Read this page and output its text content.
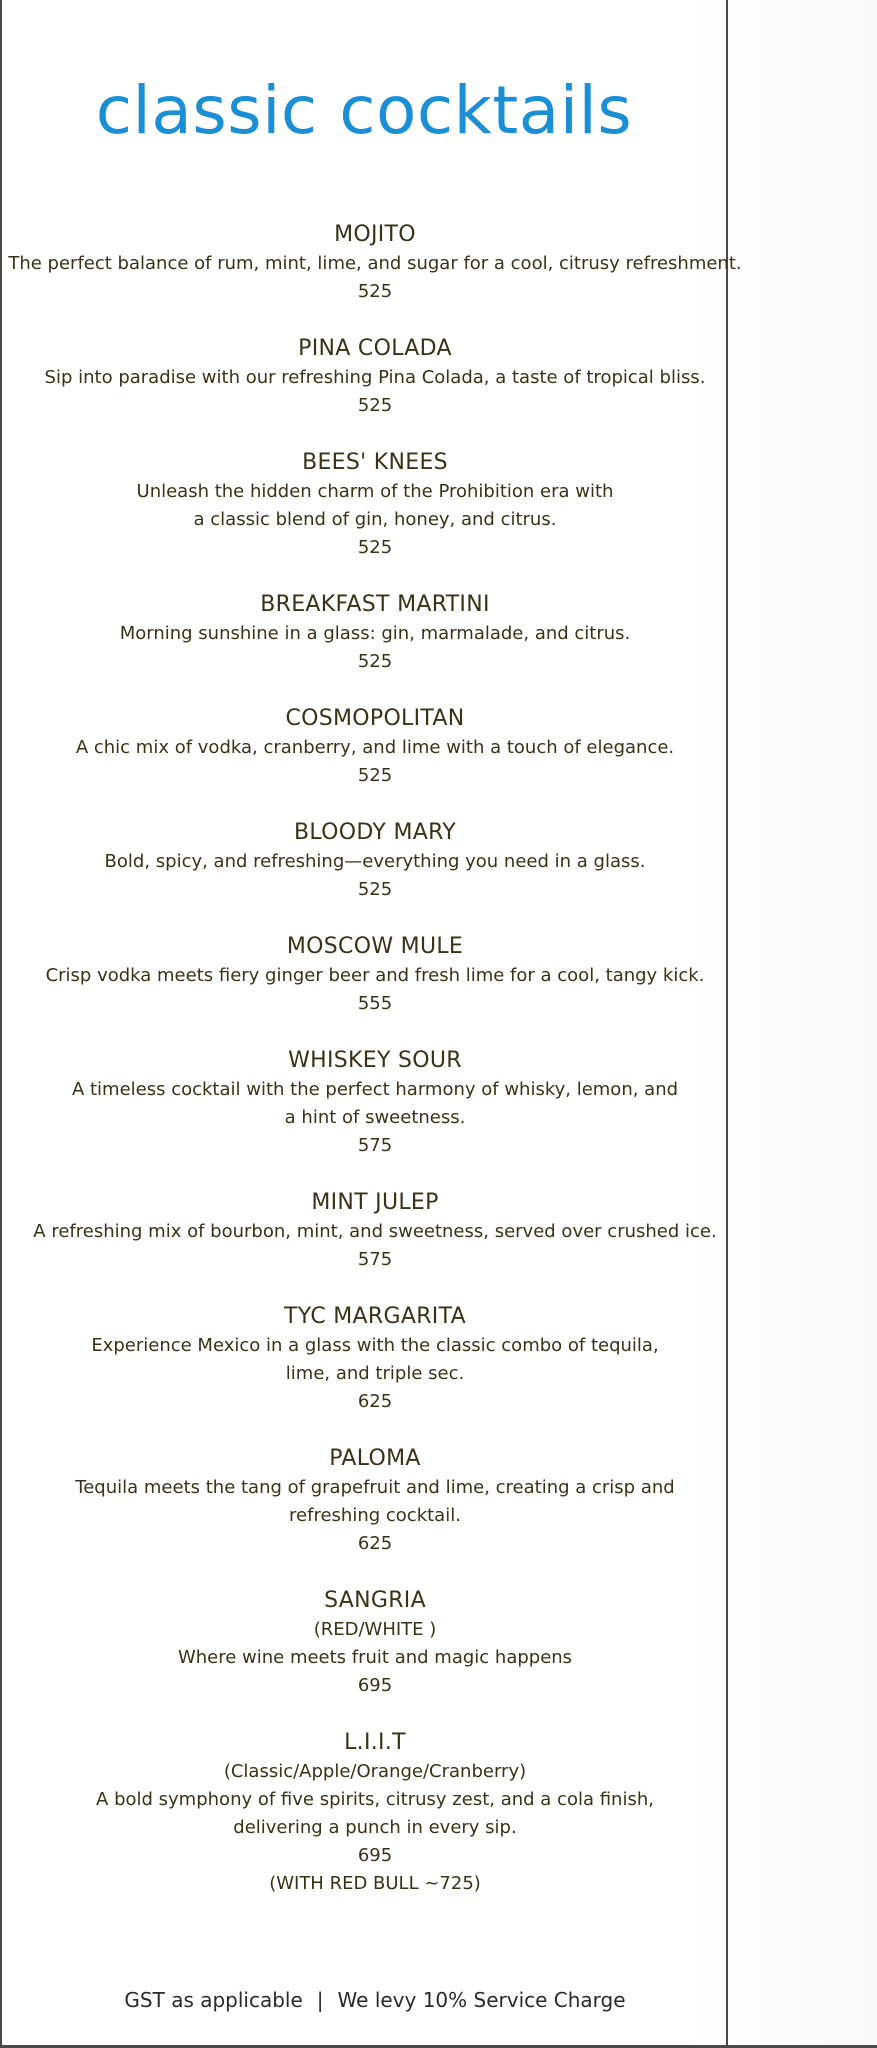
classic cocktails
MOJITO
The perfect balance of rum, mint, lime, and sugar for a cool, citrusy refreshment.
525
PINA COLADA
Sip into paradise with our refreshing Pina Colada, a taste of tropical bliss.
525
BEES' KNEES
Unleash the hidden charm of the Prohibition era with
a classic blend of gin, honey, and citrus.
525
BREAKFAST MARTINI
Morning sunshine in a glass: gin, marmalade, and citrus.
525
COSMOPOLITAN
A chic mix of vodka, cranberry, and lime with a touch of elegance.
525
BLOODY MARY
Bold, spicy, and refreshing—everything you need in a glass.
525
MOSCOW MULE
Crisp vodka meets fiery ginger beer and fresh lime for a cool, tangy kick.
555
WHISKEY SOUR
A timeless cocktail with the perfect harmony of whisky, lemon, and
a hint of sweetness.
575
MINT JULEP
A refreshing mix of bourbon, mint, and sweetness, served over crushed ice.
575
TYC MARGARITA
Experience Mexico in a glass with the classic combo of tequila,
lime, and triple sec.
625
PALOMA
Tequila meets the tang of grapefruit and lime, creating a crisp and
refreshing cocktail.
625
SANGRIA
(RED/WHITE )
Where wine meets fruit and magic happens
695
L.I.I.T
(Classic/Apple/Orange/Cranberry)
A bold symphony of five spirits, citrusy zest, and a cola finish,
delivering a punch in every sip.
695
(WITH RED BULL ~725)
GST as applicable | We levy 10% Service Charge
